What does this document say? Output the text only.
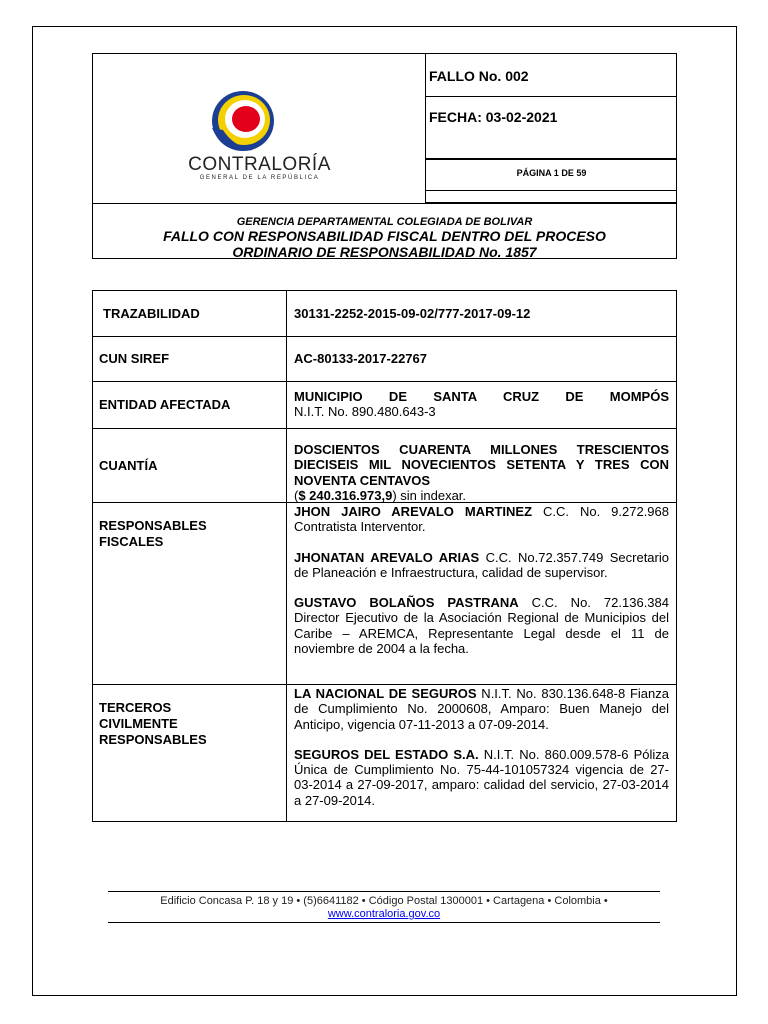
CONTRALORÍA
GENERAL DE LA REPÚBLICA
FALLO No. 002
FECHA: 03-02-2021
PÁGINA 1 DE 59
GERENCIA DEPARTAMENTAL COLEGIADA DE BOLIVAR
FALLO CON RESPONSABILIDAD FISCAL DENTRO DEL PROCESO
ORDINARIO DE RESPONSABILIDAD No. 1857
TRAZABILIDAD	30131-2252-2015-09-02/777-2017-09-12
CUN SIREF	AC-80133-2017-22767
ENTIDAD AFECTADA
MUNICIPIO DE SANTA CRUZ DE MOMPÓS
N.I.T. No. 890.480.643-3
CUANTÍA
DOSCIENTOS CUARENTA MILLONES TRESCIENTOS DIECISEIS MIL NOVECIENTOS SETENTA Y TRES CON NOVENTA CENTAVOS
($ 240.316.973,9) sin indexar.
RESPONSABLES
FISCALES
JHON JAIRO AREVALO MARTINEZ C.C. No. 9.272.968 Contratista Interventor.
JHONATAN AREVALO ARIAS C.C. No.72.357.749 Secretario de Planeación e Infraestructura, calidad de supervisor.
GUSTAVO BOLAÑOS PASTRANA C.C. No. 72.136.384 Director Ejecutivo de la Asociación Regional de Municipios del Caribe – AREMCA, Representante Legal desde el 11 de noviembre de 2004 a la fecha.
TERCEROS
CIVILMENTE
RESPONSABLES
LA NACIONAL DE SEGUROS N.I.T. No. 830.136.648-8 Fianza de Cumplimiento No. 2000608, Amparo: Buen Manejo del Anticipo, vigencia 07-11-2013 a 07-09-2014.
SEGUROS DEL ESTADO S.A. N.I.T. No. 860.009.578-6 Póliza Única de Cumplimiento No. 75-44-101057324 vigencia de 27-03-2014 a 27-09-2017, amparo: calidad del servicio, 27-03-2014 a 27-09-2014.
Edificio Concasa P. 18 y 19 • (5)6641182 • Código Postal 1300001 • Cartagena • Colombia •
www.contraloria.gov.co
